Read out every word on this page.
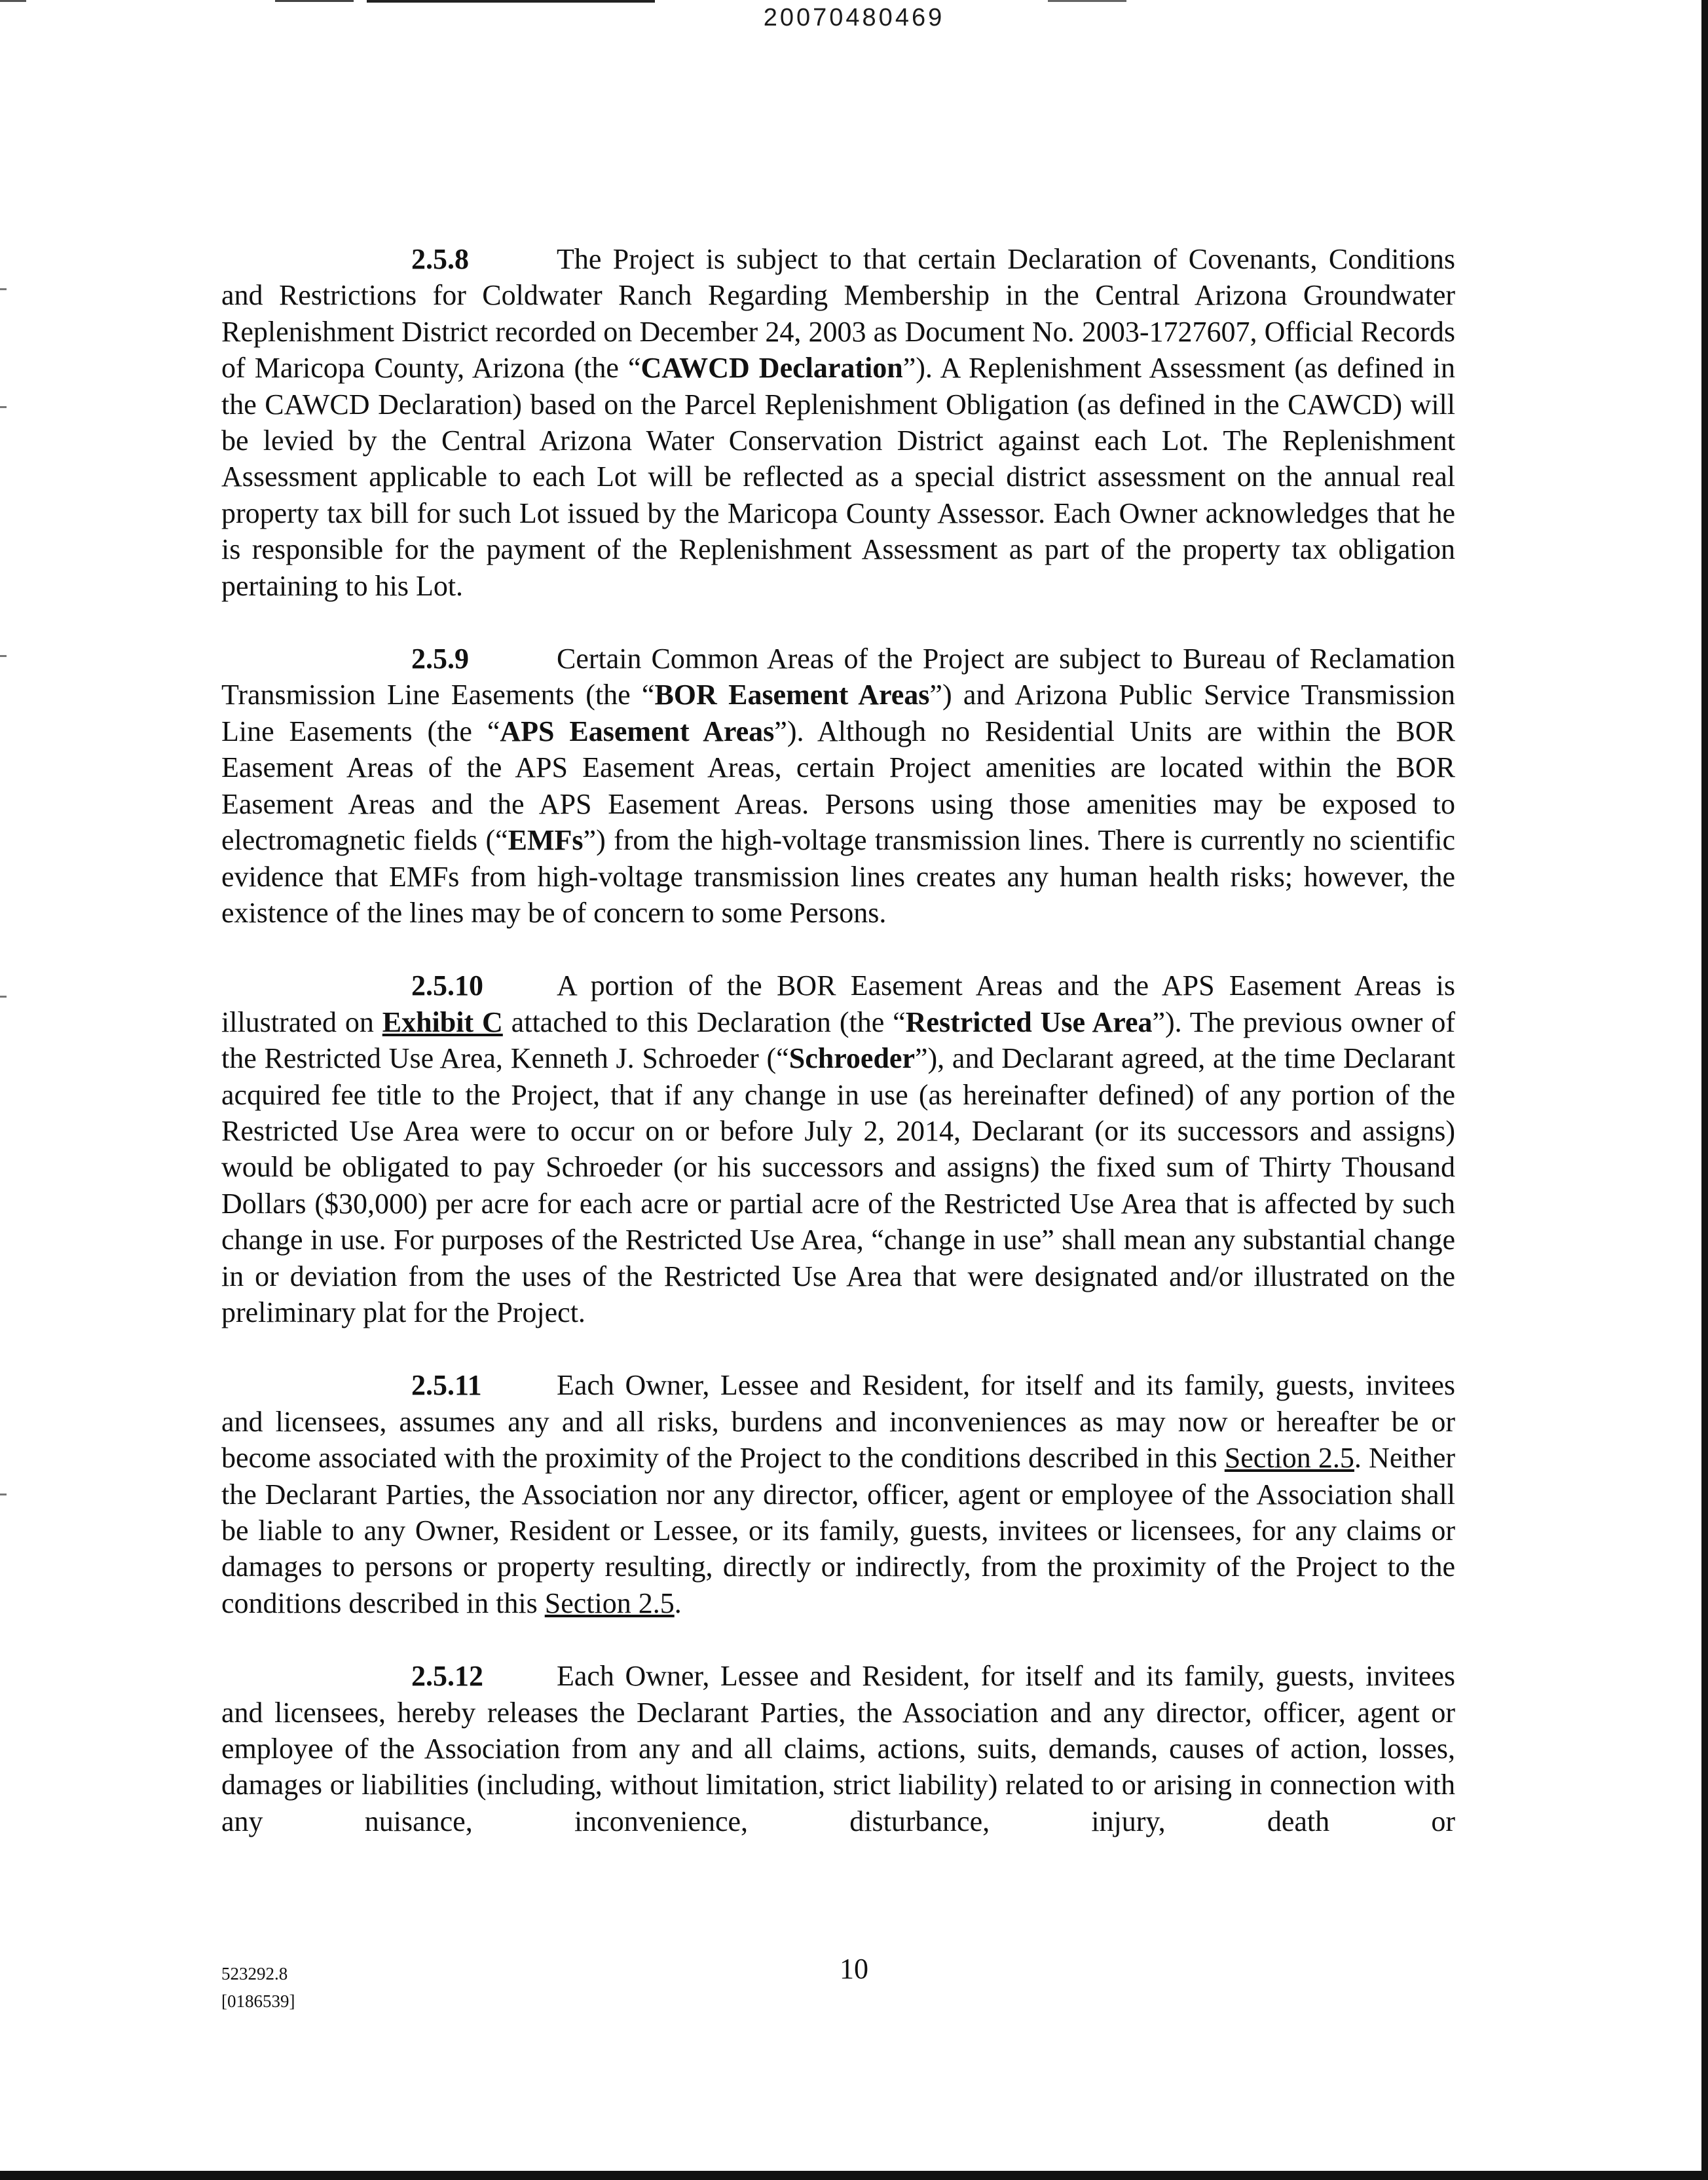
20070480469

2.5.8	The Project is subject to that certain Declaration of Covenants, Conditions and Restrictions for Coldwater Ranch Regarding Membership in the Central Arizona Groundwater Replenishment District recorded on December 24, 2003 as Document No. 2003-1727607, Official Records of Maricopa County, Arizona (the “CAWCD Declaration”). A Replenishment Assessment (as defined in the CAWCD Declaration) based on the Parcel Replenishment Obligation (as defined in the CAWCD) will be levied by the Central Arizona Water Conservation District against each Lot. The Replenishment Assessment applicable to each Lot will be reflected as a special district assessment on the annual real property tax bill for such Lot issued by the Maricopa County Assessor. Each Owner acknowledges that he is responsible for the payment of the Replenishment Assessment as part of the property tax obligation pertaining to his Lot.

2.5.9	Certain Common Areas of the Project are subject to Bureau of Reclamation Transmission Line Easements (the “BOR Easement Areas”) and Arizona Public Service Transmission Line Easements (the “APS Easement Areas”). Although no Residential Units are within the BOR Easement Areas of the APS Easement Areas, certain Project amenities are located within the BOR Easement Areas and the APS Easement Areas. Persons using those amenities may be exposed to electromagnetic fields (“EMFs”) from the high-voltage transmission lines. There is currently no scientific evidence that EMFs from high-voltage transmission lines creates any human health risks; however, the existence of the lines may be of concern to some Persons.

2.5.10	A portion of the BOR Easement Areas and the APS Easement Areas is illustrated on Exhibit C attached to this Declaration (the “Restricted Use Area”). The previous owner of the Restricted Use Area, Kenneth J. Schroeder (“Schroeder”), and Declarant agreed, at the time Declarant acquired fee title to the Project, that if any change in use (as hereinafter defined) of any portion of the Restricted Use Area were to occur on or before July 2, 2014, Declarant (or its successors and assigns) would be obligated to pay Schroeder (or his successors and assigns) the fixed sum of Thirty Thousand Dollars ($30,000) per acre for each acre or partial acre of the Restricted Use Area that is affected by such change in use. For purposes of the Restricted Use Area, “change in use” shall mean any substantial change in or deviation from the uses of the Restricted Use Area that were designated and/or illustrated on the preliminary plat for the Project.

2.5.11	Each Owner, Lessee and Resident, for itself and its family, guests, invitees and licensees, assumes any and all risks, burdens and inconveniences as may now or hereafter be or become associated with the proximity of the Project to the conditions described in this Section 2.5. Neither the Declarant Parties, the Association nor any director, officer, agent or employee of the Association shall be liable to any Owner, Resident or Lessee, or its family, guests, invitees or licensees, for any claims or damages to persons or property resulting, directly or indirectly, from the proximity of the Project to the conditions described in this Section 2.5.

2.5.12	Each Owner, Lessee and Resident, for itself and its family, guests, invitees and licensees, hereby releases the Declarant Parties, the Association and any director, officer, agent or employee of the Association from any and all claims, actions, suits, demands, causes of action, losses, damages or liabilities (including, without limitation, strict liability) related to or arising in connection with any nuisance, inconvenience, disturbance, injury, death or

523292.8
[0186539]
10
